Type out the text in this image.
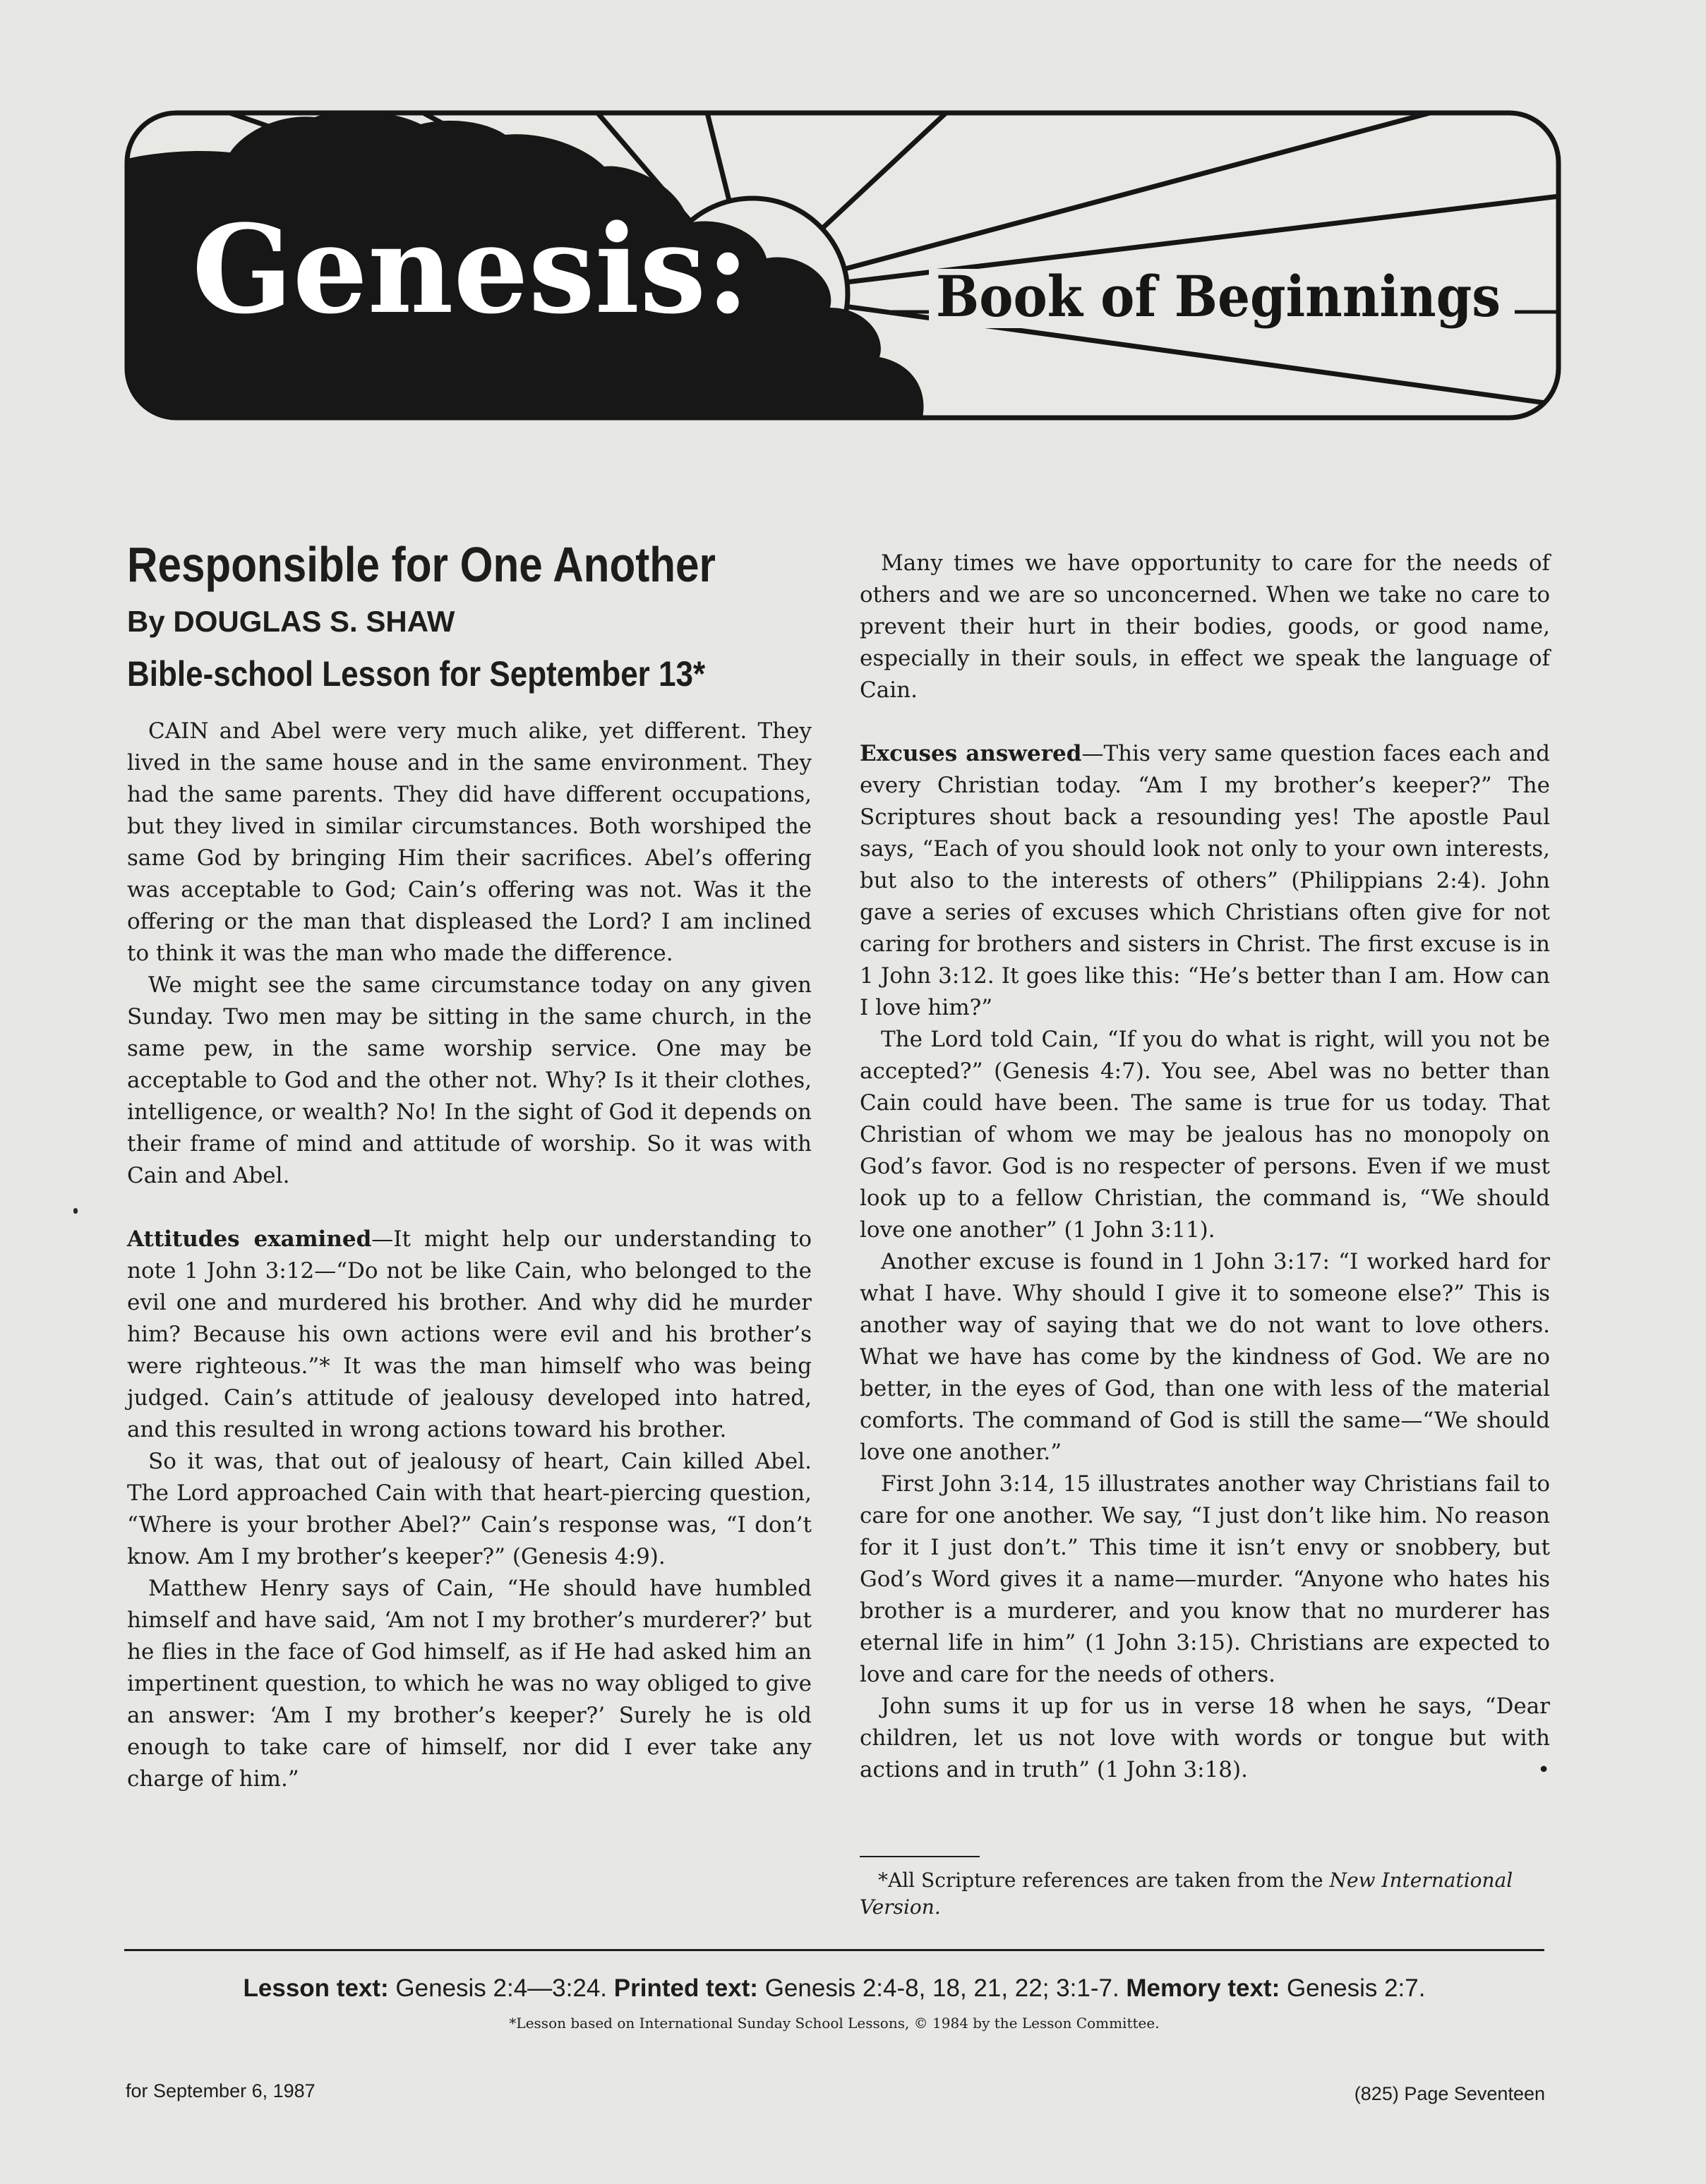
Genesis:	Book of Beginnings
Responsible for One Another
By DOUGLAS S. SHAW
Bible-school Lesson for September 13*

CAIN and Abel were very much alike, yet different. They lived in the same house and in the same environment. They had the same parents. They did have different occupations, but they lived in similar circumstances. Both worshiped the same God by bringing Him their sacrifices. Abel’s offering was acceptable to God; Cain’s offering was not. Was it the offering or the man that displeased the Lord? I am inclined to think it was the man who made the difference.

We might see the same circumstance today on any given Sunday. Two men may be sitting in the same church, in the same pew, in the same worship service. One may be acceptable to God and the other not. Why? Is it their clothes, intelligence, or wealth? No! In the sight of God it depends on their frame of mind and attitude of worship. So it was with Cain and Abel.

Attitudes examined—It might help our understanding to note 1 John 3:12—“Do not be like Cain, who belonged to the evil one and murdered his brother. And why did he murder him? Because his own actions were evil and his brother’s were righteous.”* It was the man himself who was being judged. Cain’s attitude of jealousy developed into hatred, and this resulted in wrong actions toward his brother.

So it was, that out of jealousy of heart, Cain killed Abel. The Lord approached Cain with that heart-piercing question, “Where is your brother Abel?” Cain’s response was, “I don’t know. Am I my brother’s keeper?” (Genesis 4:9).

Matthew Henry says of Cain, “He should have humbled himself and have said, ‘Am not I my brother’s murderer?’ but he flies in the face of God himself, as if He had asked him an impertinent question, to which he was no way obliged to give an answer: ‘Am I my brother’s keeper?’ Surely he is old enough to take care of himself, nor did I ever take any charge of him.”

Many times we have opportunity to care for the needs of others and we are so unconcerned. When we take no care to prevent their hurt in their bodies, goods, or good name, especially in their souls, in effect we speak the language of Cain.

Excuses answered—This very same question faces each and every Christian today. “Am I my brother’s keeper?” The Scriptures shout back a resounding yes! The apostle Paul says, “Each of you should look not only to your own interests, but also to the interests of others” (Philippians 2:4). John gave a series of excuses which Christians often give for not caring for brothers and sisters in Christ. The first excuse is in 1 John 3:12. It goes like this: “He’s better than I am. How can I love him?”

The Lord told Cain, “If you do what is right, will you not be accepted?” (Genesis 4:7). You see, Abel was no better than Cain could have been. The same is true for us today. That Christian of whom we may be jealous has no monopoly on God’s favor. God is no respecter of persons. Even if we must look up to a fellow Christian, the command is, “We should love one another” (1 John 3:11).

Another excuse is found in 1 John 3:17: “I worked hard for what I have. Why should I give it to someone else?” This is another way of saying that we do not want to love others. What we have has come by the kindness of God. We are no better, in the eyes of God, than one with less of the material comforts. The command of God is still the same—“We should love one another.”

First John 3:14, 15 illustrates another way Christians fail to care for one another. We say, “I just don’t like him. No reason for it I just don’t.” This time it isn’t envy or snobbery, but God’s Word gives it a name—murder. “Anyone who hates his brother is a murderer, and you know that no murderer has eternal life in him” (1 John 3:15). Christians are expected to love and care for the needs of others.

John sums it up for us in verse 18 when he says, “Dear children, let us not love with words or tongue but with actions and in truth” (1 John 3:18).	•

*All Scripture references are taken from the New International Version.

Lesson text: Genesis 2:4—3:24. Printed text: Genesis 2:4-8, 18, 21, 22; 3:1-7. Memory text: Genesis 2:7.
*Lesson based on International Sunday School Lessons, © 1984 by the Lesson Committee.
for September 6, 1987	(825) Page Seventeen
